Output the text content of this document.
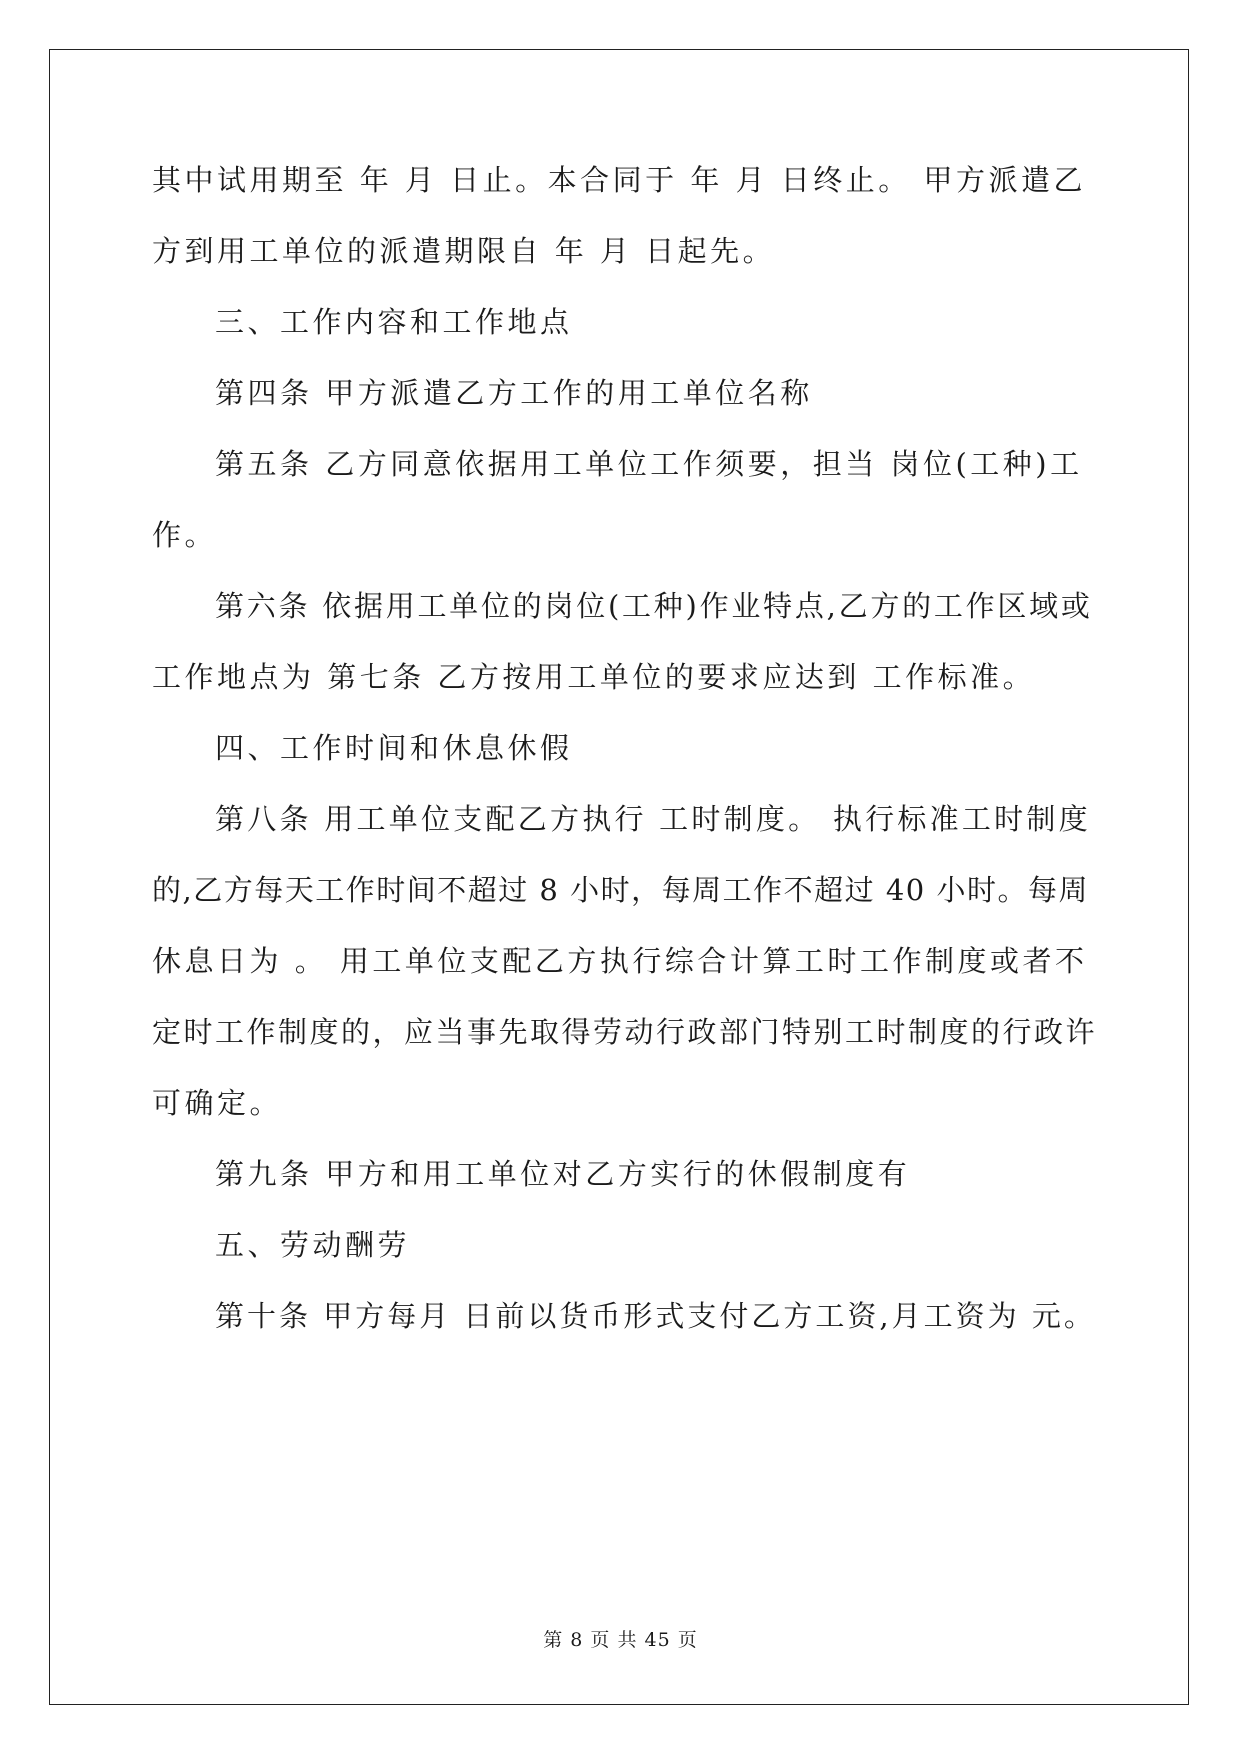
其中试用期至 年 月 日止。本合同于 年 月 日终止。 甲方派遣乙
方到用工单位的派遣期限自 年 月 日起先。
三、工作内容和工作地点
第四条 甲方派遣乙方工作的用工单位名称
第五条 乙方同意依据用工单位工作须要，担当 岗位(工种)工
作。
第六条 依据用工单位的岗位(工种)作业特点,乙方的工作区域或
工作地点为 第七条 乙方按用工单位的要求应达到 工作标准。
四、工作时间和休息休假
第八条 用工单位支配乙方执行 工时制度。 执行标准工时制度
的,乙方每天工作时间不超过 8 小时，每周工作不超过 40 小时。每周
休息日为 。 用工单位支配乙方执行综合计算工时工作制度或者不
定时工作制度的，应当事先取得劳动行政部门特别工时制度的行政许
可确定。
第九条 甲方和用工单位对乙方实行的休假制度有
五、劳动酬劳
第十条 甲方每月 日前以货币形式支付乙方工资,月工资为 元。
第 8 页 共 45 页
